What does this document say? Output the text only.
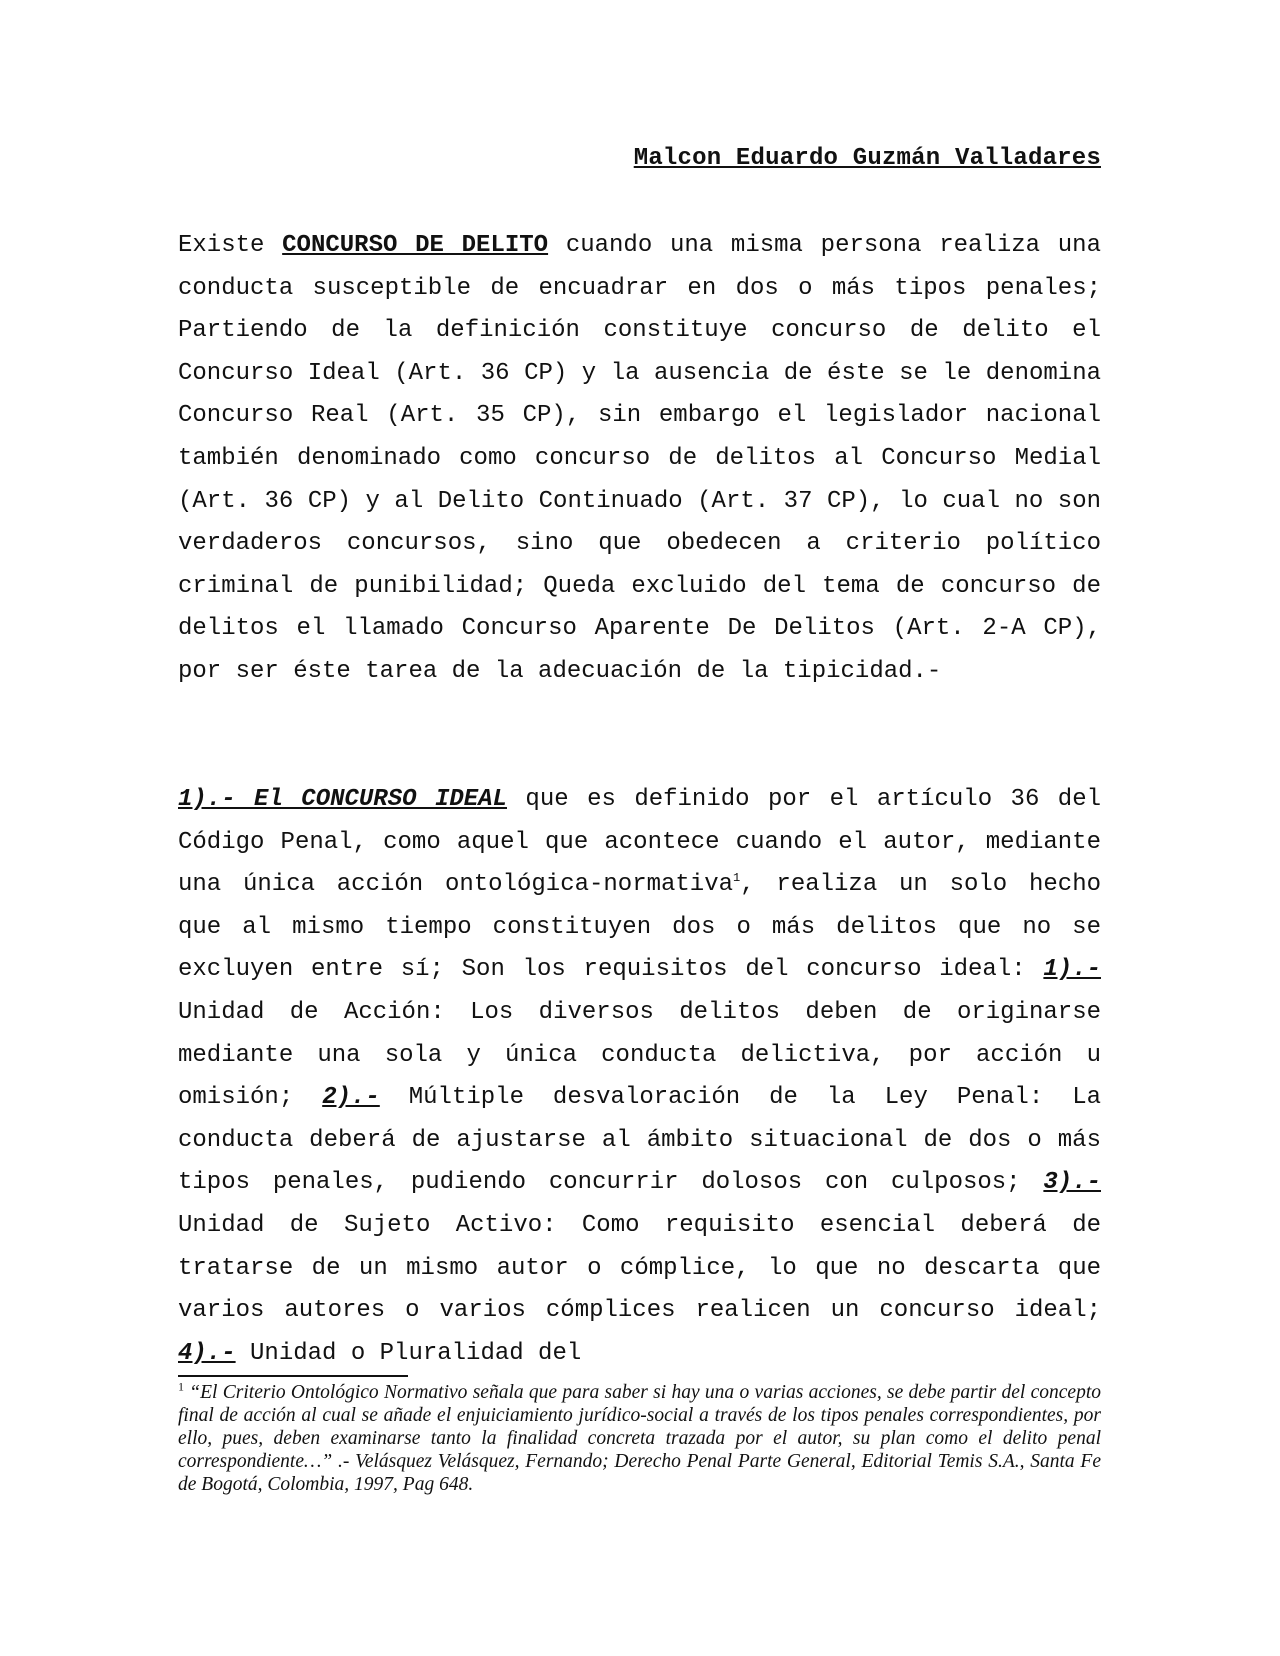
Malcon Eduardo Guzmán Valladares

Existe CONCURSO DE DELITO cuando una misma persona realiza una conducta susceptible de encuadrar en dos o más tipos penales; Partiendo de la definición constituye concurso de delito el Concurso Ideal (Art. 36 CP) y la ausencia de éste se le denomina Concurso Real (Art. 35 CP), sin embargo el legislador nacional también denominado como concurso de delitos al Concurso Medial (Art. 36 CP) y al Delito Continuado (Art. 37 CP), lo cual no son verdaderos concursos, sino que obedecen a criterio político criminal de punibilidad; Queda excluido del tema de concurso de delitos el llamado Concurso Aparente De Delitos (Art. 2-A CP), por ser éste tarea de la adecuación de la tipicidad.-

1).- El CONCURSO IDEAL que es definido por el artículo 36 del Código Penal, como aquel que acontece cuando el autor, mediante una única acción ontológica-normativa$^1$, realiza un solo hecho que al mismo tiempo constituyen dos o más delitos que no se excluyen entre sí; Son los requisitos del concurso ideal: 1).- Unidad de Acción: Los diversos delitos deben de originarse mediante una sola y única conducta delictiva, por acción u omisión; 2).- Múltiple desvaloración de la Ley Penal: La conducta deberá de ajustarse al ámbito situacional de dos o más tipos penales, pudiendo concurrir dolosos con culposos; 3).- Unidad de Sujeto Activo: Como requisito esencial deberá de tratarse de un mismo autor o cómplice, lo que no descarta que varios autores o varios cómplices realicen un concurso ideal; 4).- Unidad o Pluralidad del

$^1$ “El Criterio Ontológico Normativo señala que para saber si hay una o varias acciones, se debe partir del concepto final de acción al cual se añade el enjuiciamiento jurídico-social a través de los tipos penales correspondientes, por ello, pues, deben examinarse tanto la finalidad concreta trazada por el autor, su plan como el delito penal correspondiente…” .- Velásquez Velásquez, Fernando; Derecho Penal Parte General, Editorial Temis S.A., Santa Fe de Bogotá, Colombia, 1997, Pag 648.
